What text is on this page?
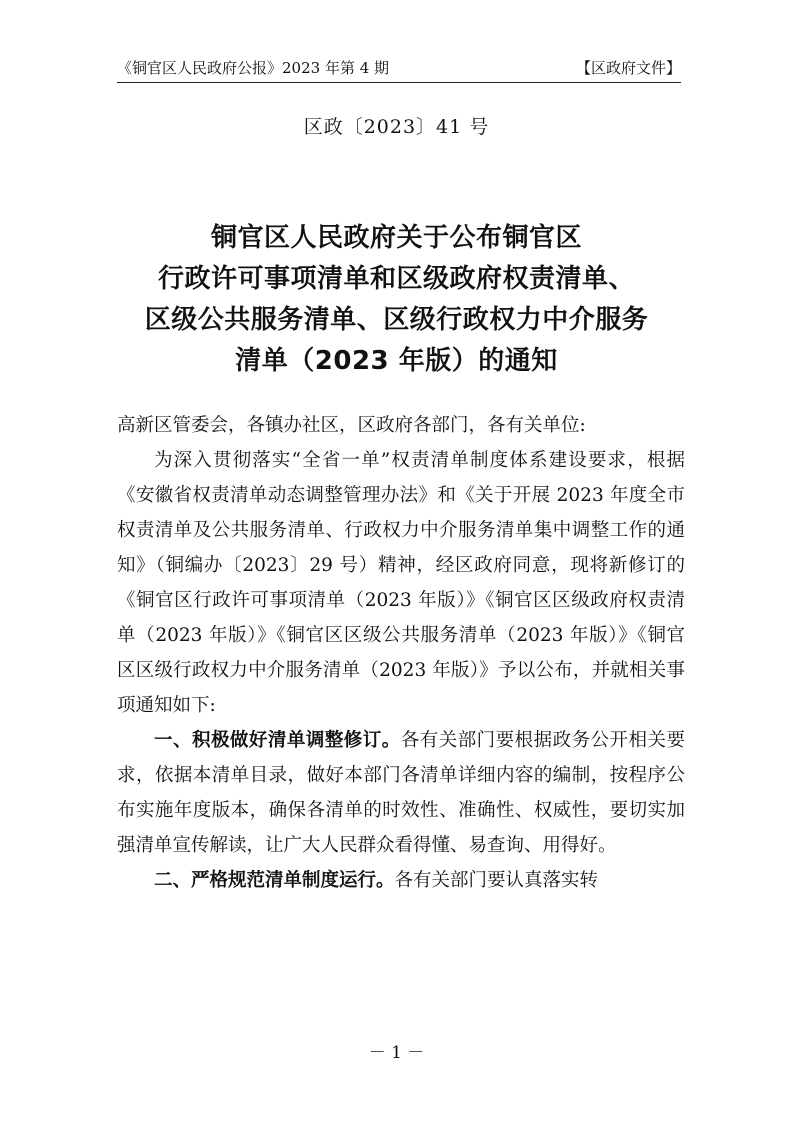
《铜官区人民政府公报》2023 年第 4 期	【区政府文件】
区政〔2023〕41 号
铜官区人民政府关于公布铜官区
行政许可事项清单和区级政府权责清单、
区级公共服务清单、区级行政权力中介服务
清单（2023 年版）的通知

高新区管委会，各镇办社区，区政府各部门，各有关单位:

为深入贯彻落实“全省一单”权责清单制度体系建设要求，根据《安徽省权责清单动态调整管理办法》和《关于开展 2023 年度全市权责清单及公共服务清单、行政权力中介服务清单集中调整工作的通知》（铜编办〔2023〕29 号）精神，经区政府同意，现将新修订的《铜官区行政许可事项清单（2023 年版）》《铜官区区级政府权责清单（2023 年版）》《铜官区区级公共服务清单（2023 年版）》《铜官区区级行政权力中介服务清单（2023 年版）》予以公布，并就相关事项通知如下:

一、积极做好清单调整修订。各有关部门要根据政务公开相关要求，依据本清单目录，做好本部门各清单详细内容的编制，按程序公布实施年度版本，确保各清单的时效性、准确性、权威性，要切实加强清单宣传解读，让广大人民群众看得懂、易查询、用得好。

二、严格规范清单制度运行。各有关部门要认真落实转

－ 1 －
